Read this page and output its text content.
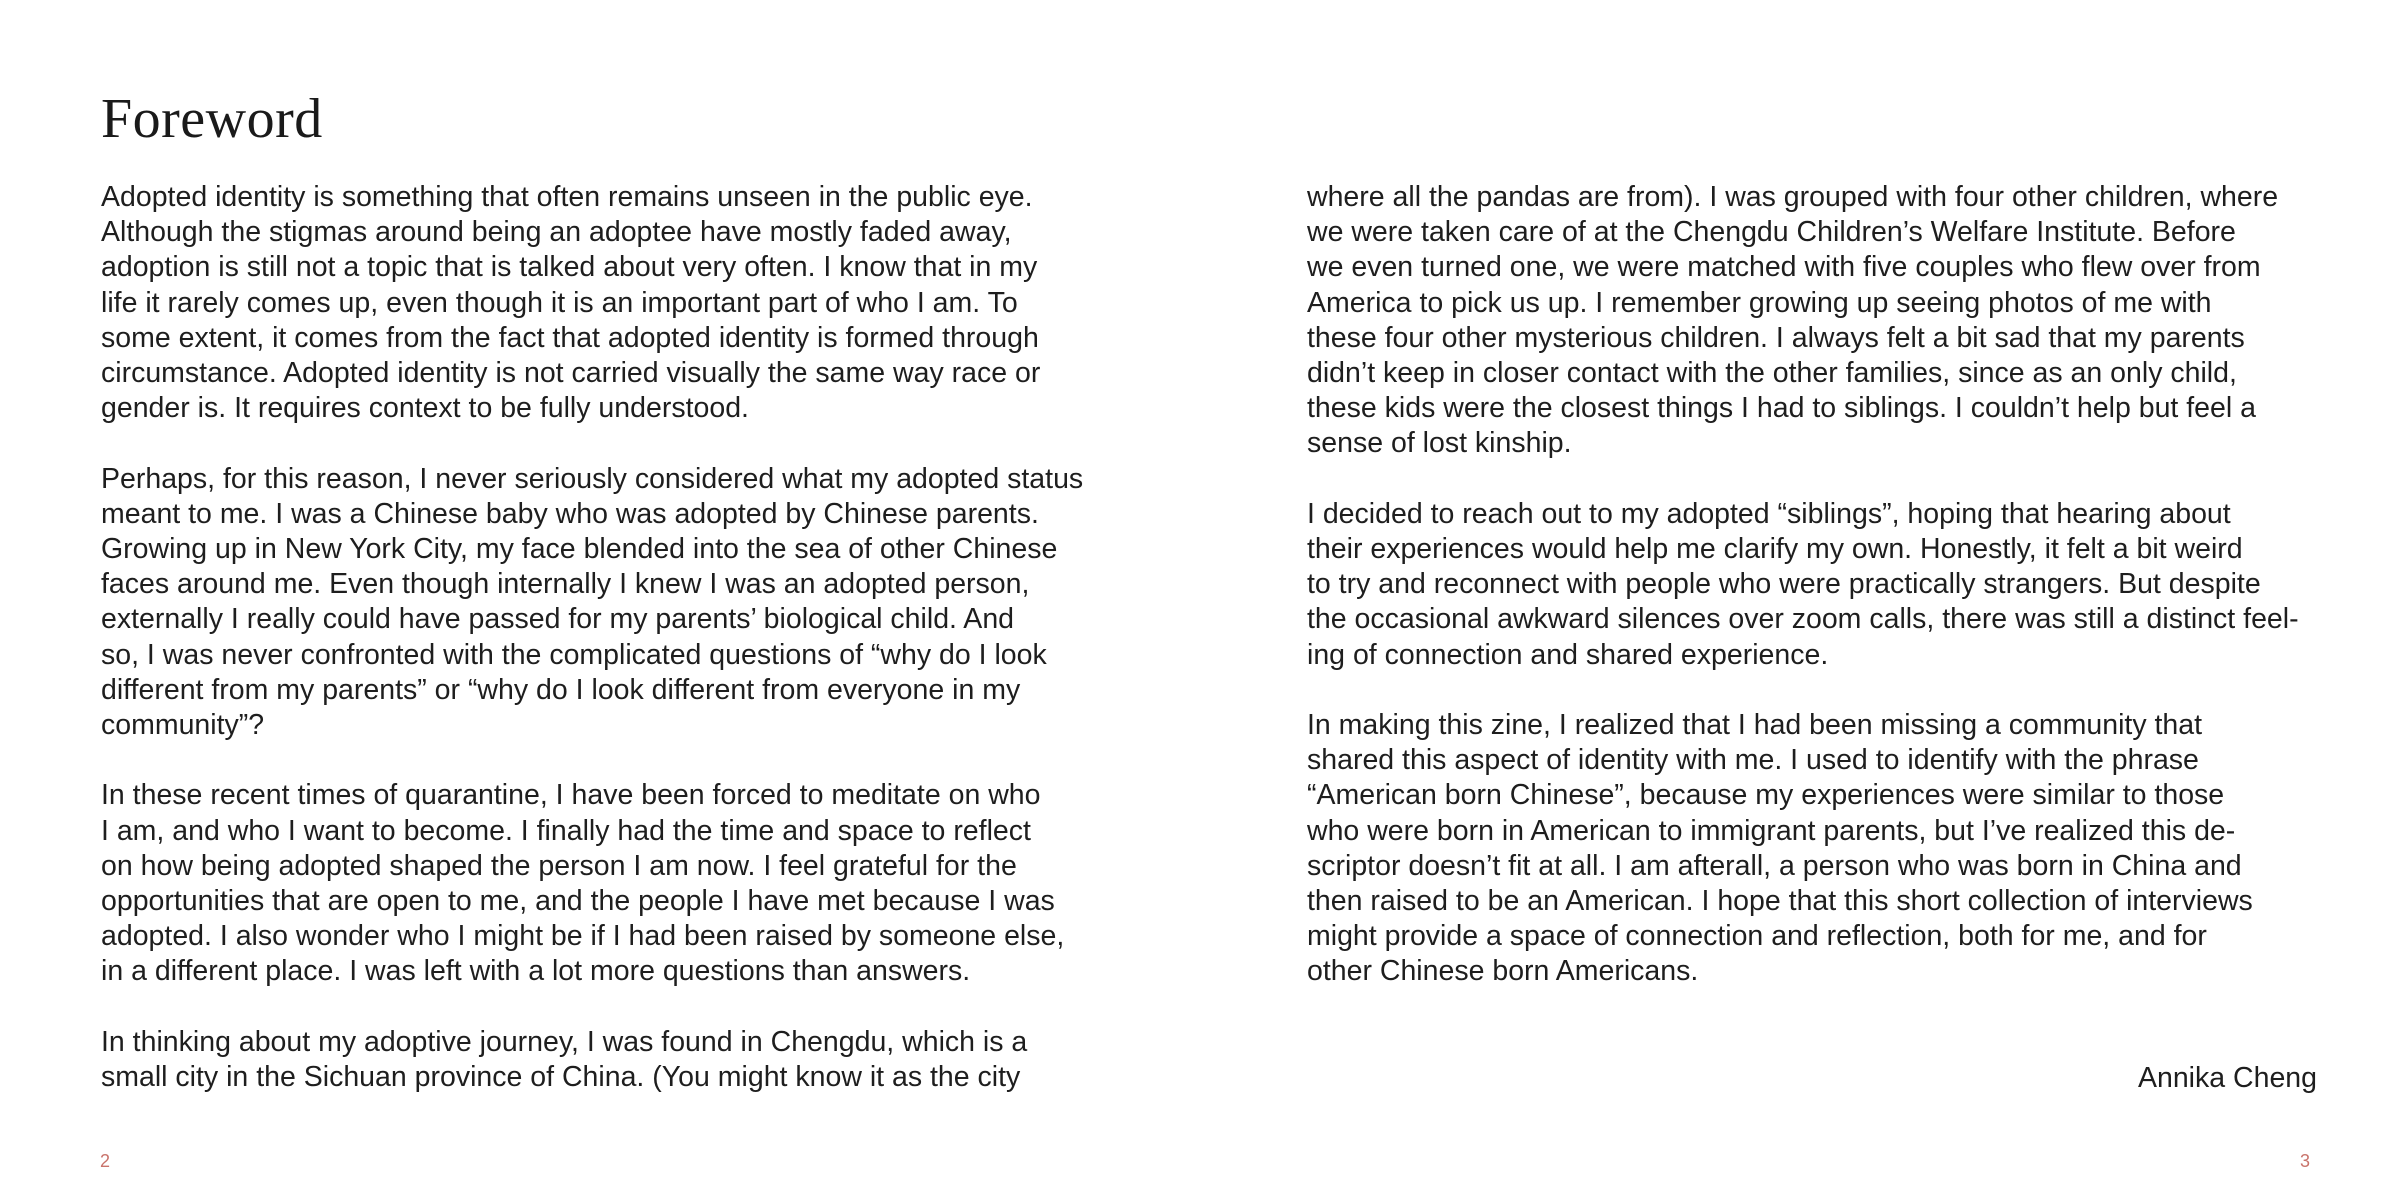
Foreword

Adopted identity is something that often remains unseen in the public eye.
Although the stigmas around being an adoptee have mostly faded away,
adoption is still not a topic that is talked about very often. I know that in my
life it rarely comes up, even though it is an important part of who I am. To
some extent, it comes from the fact that adopted identity is formed through
circumstance. Adopted identity is not carried visually the same way race or
gender is. It requires context to be fully understood.

Perhaps, for this reason, I never seriously considered what my adopted status
meant to me. I was a Chinese baby who was adopted by Chinese parents.
Growing up in New York City, my face blended into the sea of other Chinese
faces around me. Even though internally I knew I was an adopted person,
externally I really could have passed for my parents’ biological child. And
so, I was never confronted with the complicated questions of “why do I look
different from my parents” or “why do I look different from everyone in my
community”?

In these recent times of quarantine, I have been forced to meditate on who
I am, and who I want to become. I finally had the time and space to reflect
on how being adopted shaped the person I am now. I feel grateful for the
opportunities that are open to me, and the people I have met because I was
adopted. I also wonder who I might be if I had been raised by someone else,
in a different place. I was left with a lot more questions than answers.

In thinking about my adoptive journey, I was found in Chengdu, which is a
small city in the Sichuan province of China. (You might know it as the city

2

where all the pandas are from). I was grouped with four other children, where
we were taken care of at the Chengdu Children’s Welfare Institute. Before
we even turned one, we were matched with five couples who flew over from
America to pick us up. I remember growing up seeing photos of me with
these four other mysterious children. I always felt a bit sad that my parents
didn’t keep in closer contact with the other families, since as an only child,
these kids were the closest things I had to siblings. I couldn’t help but feel a
sense of lost kinship.

I decided to reach out to my adopted “siblings”, hoping that hearing about
their experiences would help me clarify my own. Honestly, it felt a bit weird
to try and reconnect with people who were practically strangers. But despite
the occasional awkward silences over zoom calls, there was still a distinct feel-
ing of connection and shared experience.

In making this zine, I realized that I had been missing a community that
shared this aspect of identity with me. I used to identify with the phrase
“American born Chinese”, because my experiences were similar to those
who were born in American to immigrant parents, but I’ve realized this de-
scriptor doesn’t fit at all. I am afterall, a person who was born in China and
then raised to be an American. I hope that this short collection of interviews
might provide a space of connection and reflection, both for me, and for
other Chinese born Americans.

Annika Cheng
3
